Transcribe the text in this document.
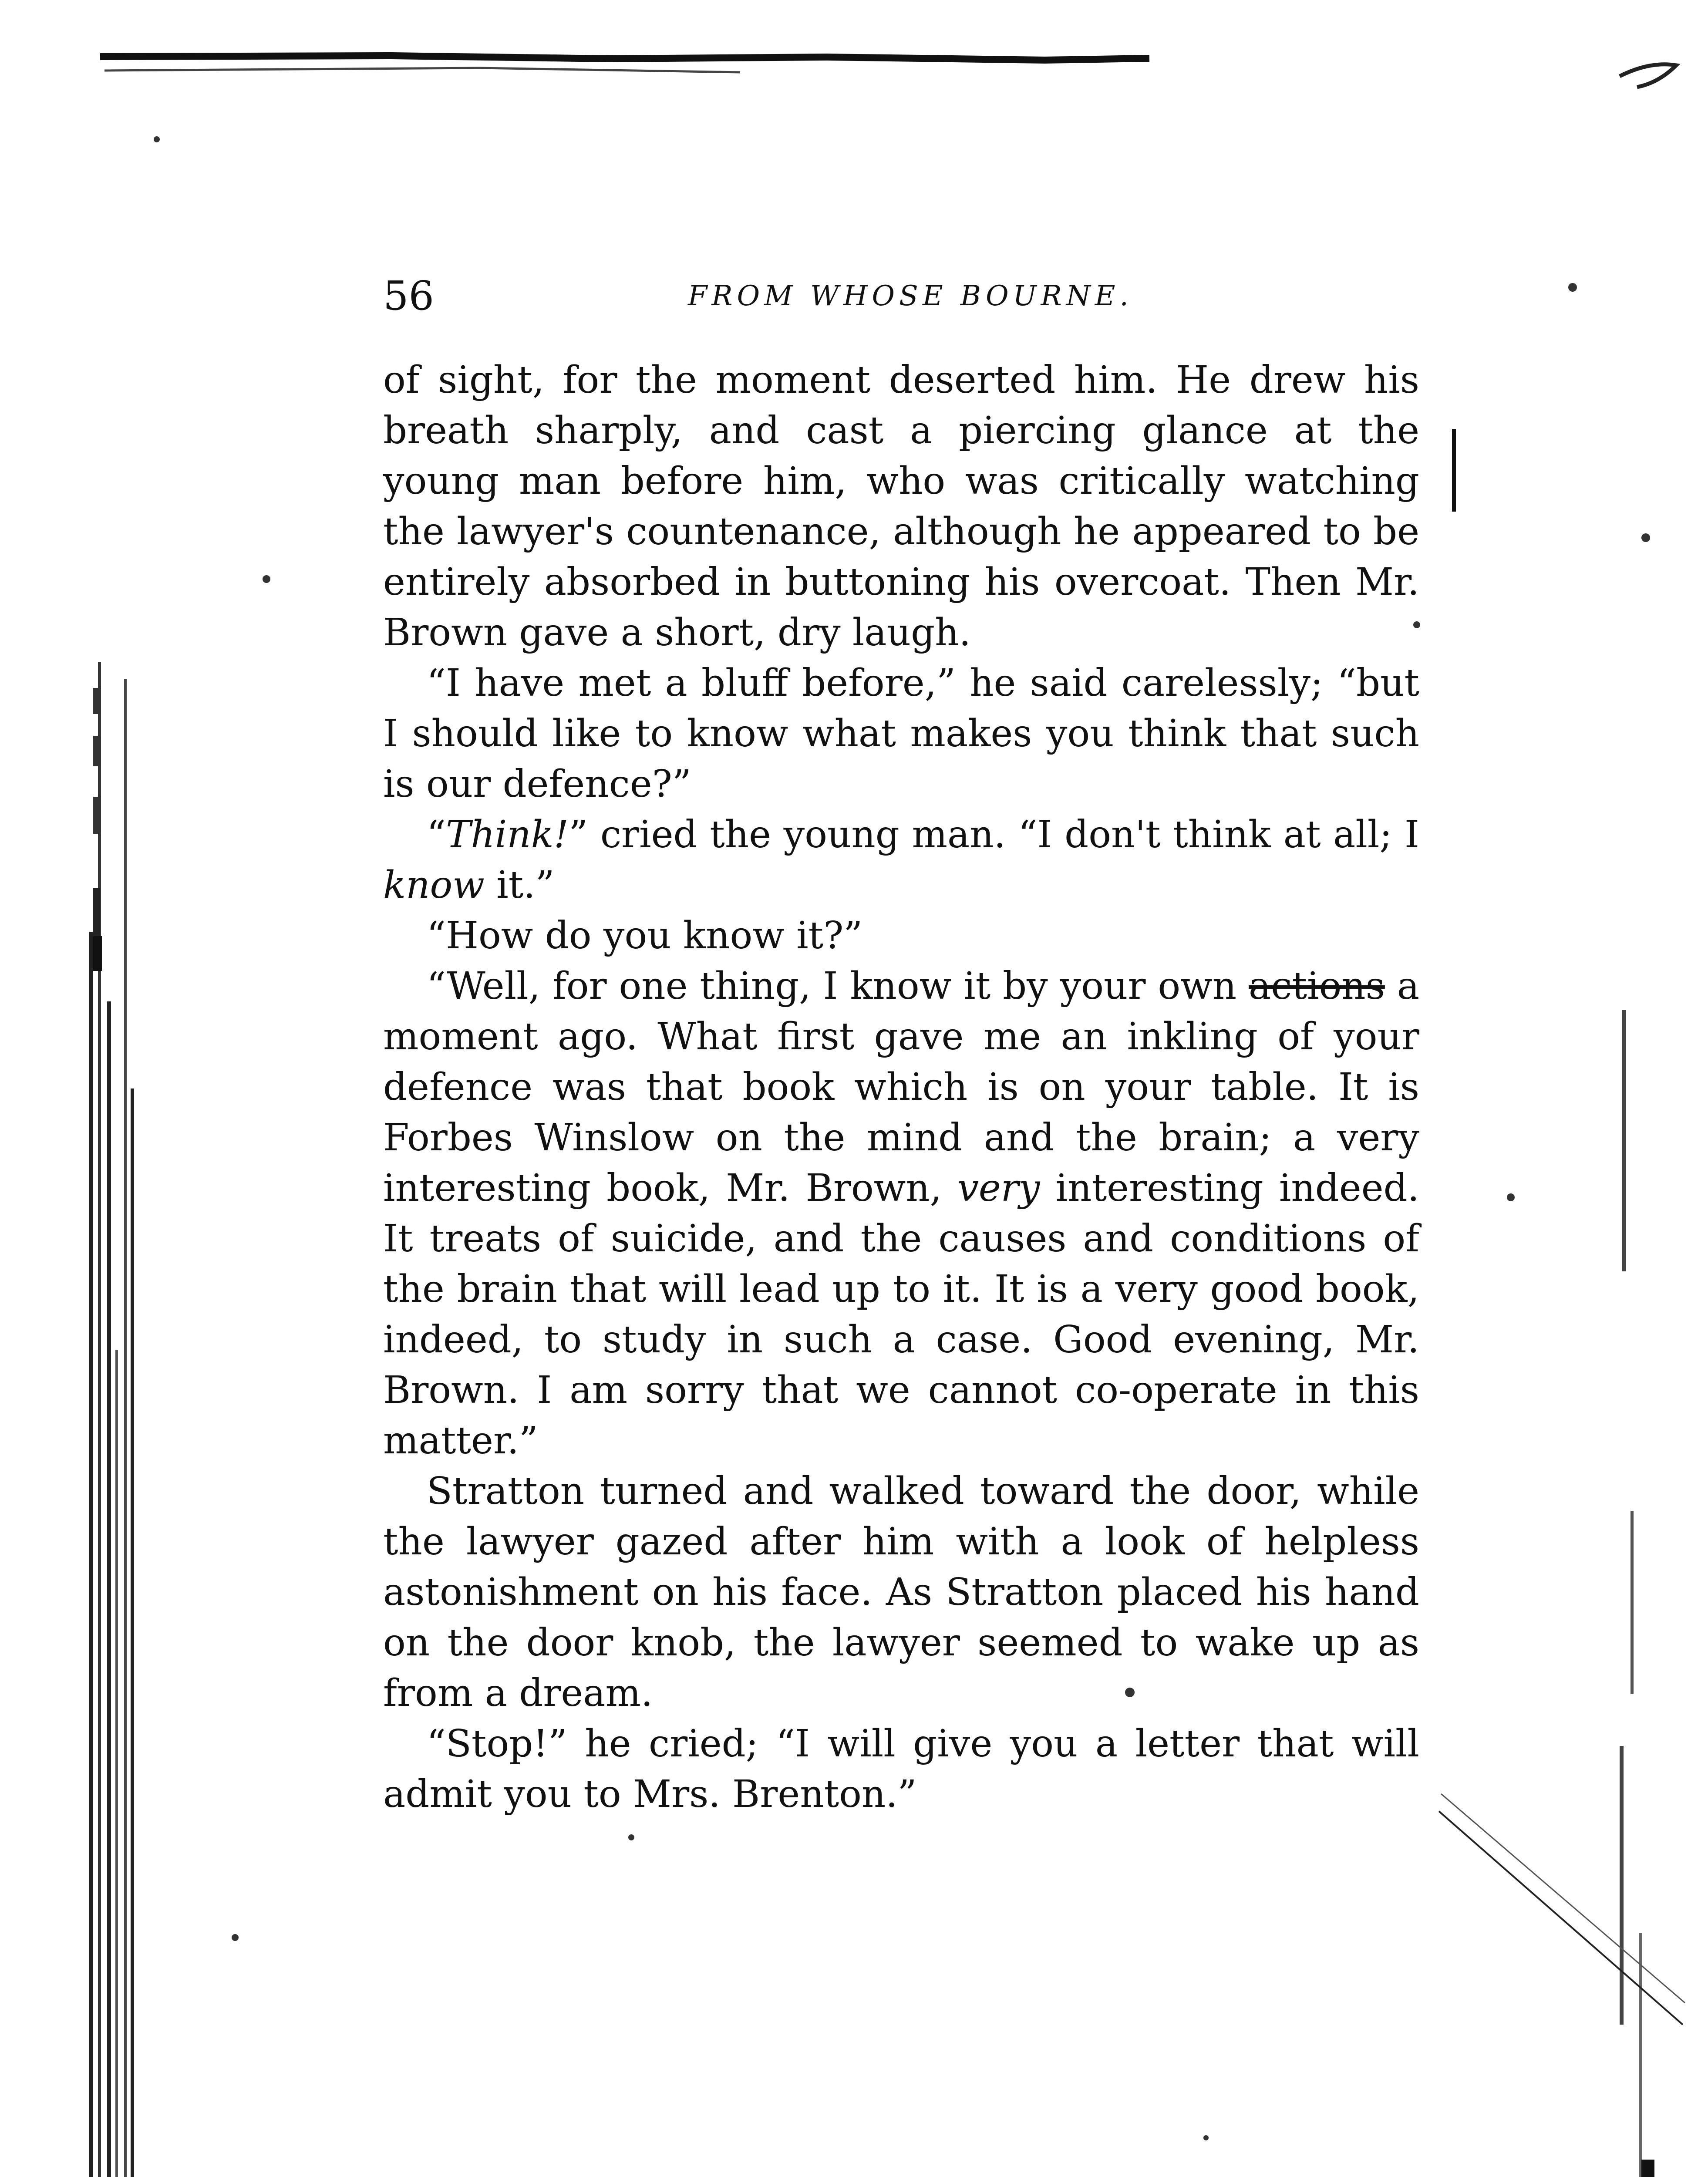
56	FROM WHOSE BOURNE.

of sight, for the moment deserted him. He drew his breath sharply, and cast a piercing glance at the young man before him, who was critically watching the lawyer's countenance, although he appeared to be entirely absorbed in buttoning his overcoat. Then Mr. Brown gave a short, dry laugh.

“I have met a bluff before,” he said carelessly; “but I should like to know what makes you think that such is our defence?”

“Think!” cried the young man. “I don't think at all; I know it.”

“How do you know it?”

“Well, for one thing, I know it by your own actions a moment ago. What first gave me an inkling of your defence was that book which is on your table. It is Forbes Winslow on the mind and the brain; a very interesting book, Mr. Brown, very interesting indeed. It treats of suicide, and the causes and conditions of the brain that will lead up to it. It is a very good book, indeed, to study in such a case. Good evening, Mr. Brown. I am sorry that we cannot co-operate in this matter.”

Stratton turned and walked toward the door, while the lawyer gazed after him with a look of helpless astonishment on his face. As Stratton placed his hand on the door knob, the lawyer seemed to wake up as from a dream.

“Stop!” he cried; “I will give you a letter that will admit you to Mrs. Brenton.”
